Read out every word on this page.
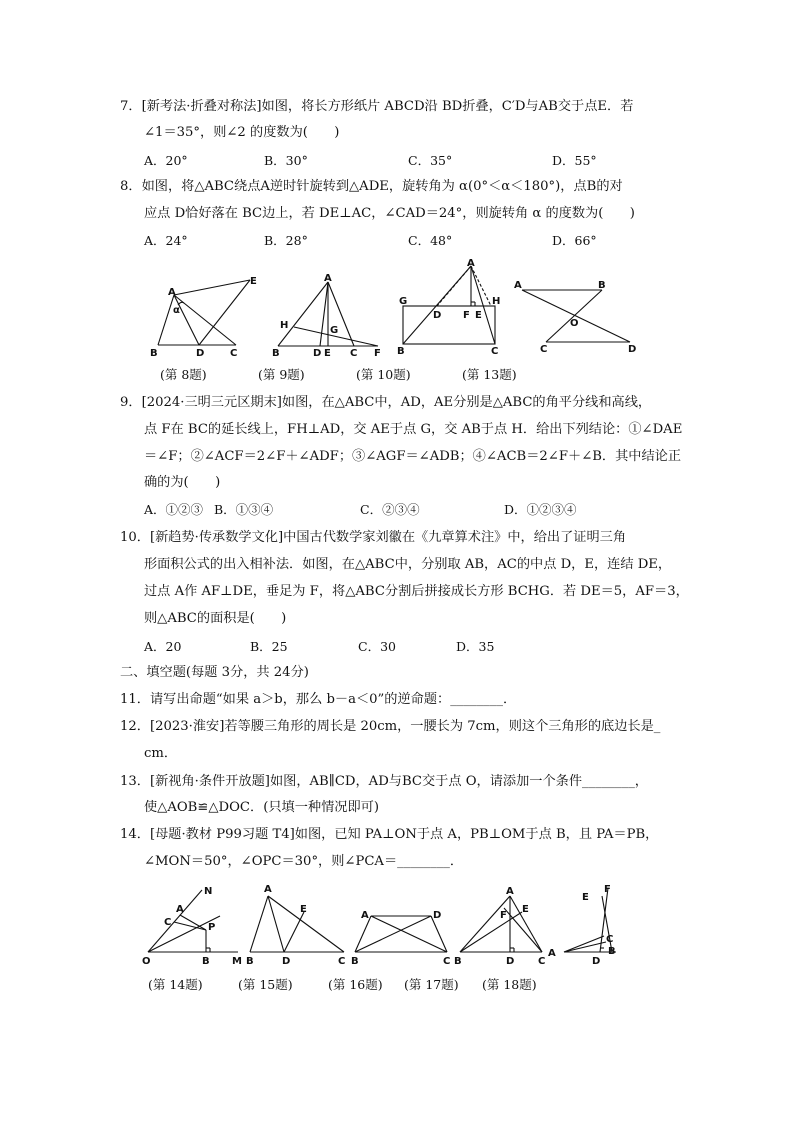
7．[新考法·折叠对称法]如图，将长方形纸片 ABCD沿 BD折叠，C′D与AB交于点E．若
∠1＝35°，则∠2 的度数为(　　)
A．20°	B．30°	C．35°	D．55°
8．如图，将△ABC绕点A逆时针旋转到△ADE，旋转角为 α(0°＜α＜180°)，点B的对
应点 D恰好落在 BC边上，若 DE⊥AC，∠CAD＝24°，则旋转角 α 的度数为(　　)
A．24°	B．28°	C．48°	D．66°
A
E
α
B	D	C
A
H	G
B	D E C F
A
G	H
D F E
B	C
A	B
O
C	D
(第 8题)	(第 9题)	(第 10题)	(第 13题)
9．[2024·三明三元区期末]如图，在△ABC中，AD，AE分别是△ABC的角平分线和高线，
点 F在 BC的延长线上，FH⊥AD，交 AE于点 G，交 AB于点 H．给出下列结论：①∠DAE
＝∠F；②∠ACF＝2∠F＋∠ADF；③∠AGF＝∠ADB；④∠ACB＝2∠F＋∠B．其中结论正
确的为(　　)
A．①②③ B．①③④	C．②③④	D．①②③④
10．[新趋势·传承数学文化]中国古代数学家刘徽在《九章算术注》中，给出了证明三角
形面积公式的出入相补法．如图，在△ABC中，分别取 AB，AC的中点 D，E，连结 DE，
过点 A作 AF⊥DE，垂足为 F，将△ABC分割后拼接成长方形 BCHG．若 DE＝5，AF＝3，
则△ABC的面积是(　　)
A．20	B．25	C．30	D．35
二、填空题(每题 3分，共 24分)
11．请写出命题“如果 a＞b，那么 b－a＜0”的逆命题：________．
12．[2023·淮安]若等腰三角形的周长是 20cm，一腰长为 7cm，则这个三角形的底边长是_
cm．
13．[新视角·条件开放题]如图，AB∥CD，AD与BC交于点 O，请添加一个条件________，
使△AOB≌△DOC．(只填一种情况即可)
14．[母题·教材 P99习题 T4]如图，已知 PA⊥ON于点 A，PB⊥OM于点 B，且 PA＝PB，
∠MON＝50°，∠OPC＝30°，则∠PCA＝________．
N
A
C	P
O	B M
A
E
B	D	C
A	D
B	C
A
F
E
B	D C
F
E
C
A	B
D
(第 14题)	(第 15题)	(第 16题) (第 17题) (第 18题)
